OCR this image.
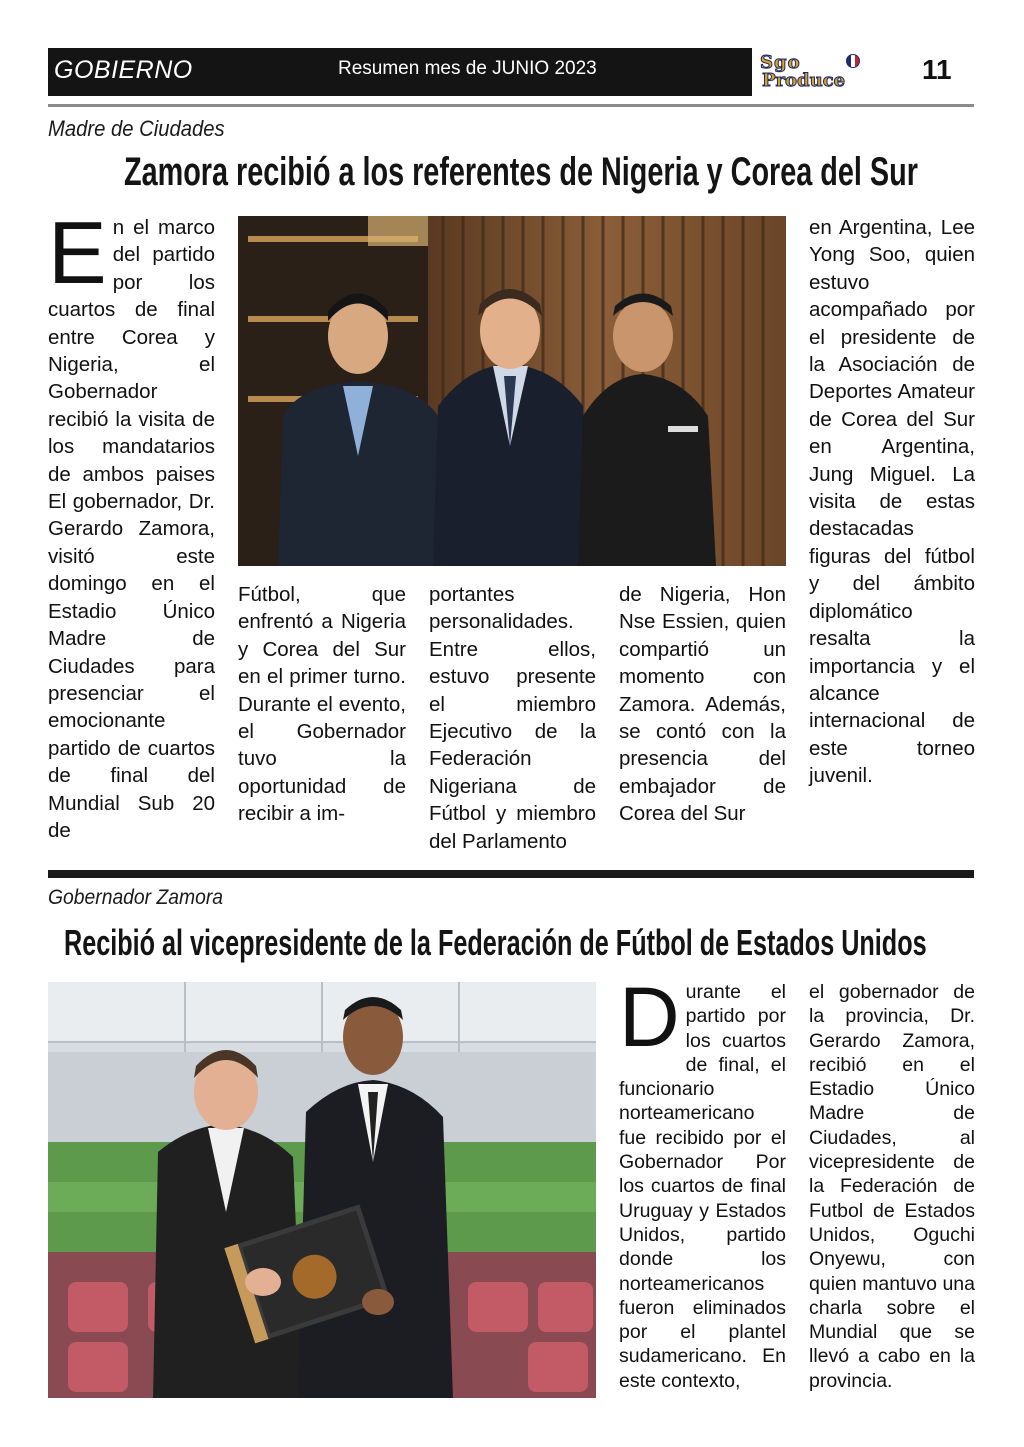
GOBIERNO	Resumen mes de JUNIO 2023	Sgo
Produce	11
Madre de Ciudades
Zamora recibió a los referentes de Nigeria y Corea del Sur
E n el marco del partido por los cuartos de final entre Corea y Nigeria, el Gobernador recibió la visita de los mandatarios de ambos paises El gobernador, Dr. Gerardo Zamora, visitó este domingo en el Estadio Único Madre de Ciudades para presenciar el emocionante partido de cuartos de final del Mundial Sub 20 de
Fútbol, que enfrentó a Nigeria y Corea del Sur en el primer turno. Durante el evento, el Gobernador tuvo la oportunidad de recibir a im-
portantes personalidades. Entre ellos, estuvo presente el miembro Ejecutivo de la Federación Nigeriana de Fútbol y miembro del Parlamento
de Nigeria, Hon Nse Essien, quien compartió un momento con Zamora. Además, se contó con la presencia del embajador de Corea del Sur
en Argentina, Lee Yong Soo, quien estuvo acompañado por el presidente de la Asociación de Deportes Amateur de Corea del Sur en Argentina, Jung Miguel. La visita de estas destacadas figuras del fútbol y del ámbito diplomático resalta la importancia y el alcance internacional de este torneo juvenil.
Gobernador Zamora
Recibió al vicepresidente de la Federación de Fútbol de Estados Unidos
D urante el partido por los cuartos de final, el funcionario norteamericano fue recibido por el Gobernador Por los cuartos de final Uruguay y Estados Unidos, partido donde los norteamericanos fueron eliminados por el plantel sudamericano. En este contexto,
el gobernador de la provincia, Dr. Gerardo Zamora, recibió en el Estadio Único Madre de Ciudades, al vicepresidente de la Federación de Futbol de Estados Unidos, Oguchi Onyewu, con quien mantuvo una charla sobre el Mundial que se llevó a cabo en la provincia.
